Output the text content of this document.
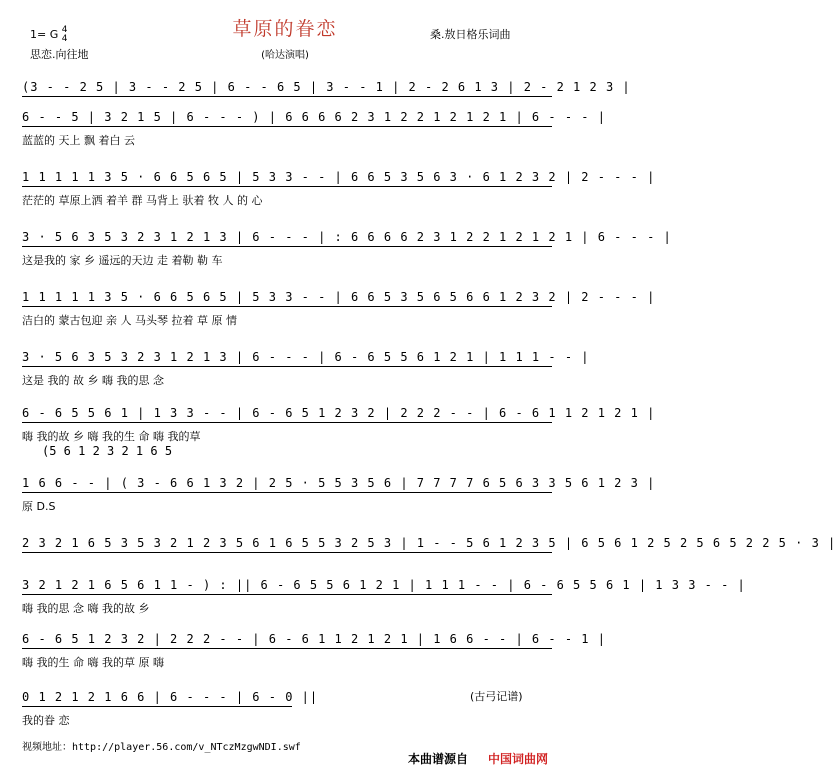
草原的眷恋
1= G 4
4	桑.敖日格乐词曲
思恋.向往地	(哈达演唱)
(3 - - 2 5 | 3 - - 2 5 | 6 - - 6 5 | 3 - - 1 | 2 - 2 6 1 3 | 2 - 2 1 2 3 |
6 - - 5 | 3 2 1 5 | 6 - - - ) | 6 6 6 6 2 3 1 2 2 1 2 1 2 1 | 6 - - - |
蓝蓝的 天上 飘 着白 云
1 1 1 1 1 3 5 · 6 6 5 6 5 | 5 3 3 - - | 6 6 5 3 5 6 3 · 6 1 2 3 2 | 2 - - - |
茫茫的 草原上洒 着羊 群 马背上 驮着 牧 人 的 心
3 · 5 6 3 5 3 2 3 1 2 1 3 | 6 - - - | : 6 6 6 6 2 3 1 2 2 1 2 1 2 1 | 6 - - - |
这是我的 家 乡 遥远的天边 走 着勒 勒 车
1 1 1 1 1 3 5 · 6 6 5 6 5 | 5 3 3 - - | 6 6 5 3 5 6 5 6 6 1 2 3 2 | 2 - - - |
洁白的 蒙古包迎 亲 人 马头琴 拉着 草 原 情
3 · 5 6 3 5 3 2 3 1 2 1 3 | 6 - - - | 6 - 6 5 5 6 1 2 1 | 1 1 1 - - |
这是 我的 故 乡 嗨 我的思 念
6 - 6 5 5 6 1 | 1 3 3 - - | 6 - 6 5 1 2 3 2 | 2 2 2 - - | 6 - 6 1 1 2 1 2 1 |
嗨 我的故 乡 嗨 我的生 命 嗨 我的草
(5 6 1 2 3 2 1 6 5
1 6 6 - - | ( 3 - 6 6 1 3 2 | 2 5 · 5 5 3 5 6 | 7 7 7 7 6 5 6 3 3 5 6 1 2 3 |
原 D.S
2 3 2 1 6 5 3 5 3 2 1 2 3 5 6 1 6 5 5 3 2 5 3 | 1 - - 5 6 1 2 3 5 | 6 5 6 1 2 5 2 5 6 5 2 2 5 · 3 |
3 2 1 2 1 6 5 6 1 1 - ) : || 6 - 6 5 5 6 1 2 1 | 1 1 1 - - | 6 - 6 5 5 6 1 | 1 3 3 - - |
嗨 我的思 念 嗨 我的故 乡
6 - 6 5 1 2 3 2 | 2 2 2 - - | 6 - 6 1 1 2 1 2 1 | 1 6 6 - - | 6 - - 1 |
嗨 我的生 命 嗨 我的草 原 嗨
0 1 2 1 2 1 6 6 | 6 - - - | 6 - 0 ||
我的眷 恋
(古弓记谱)
视频地址：http://player.56.com/v_NTczMzgwNDI.swf
本曲谱源自 中国词曲网
